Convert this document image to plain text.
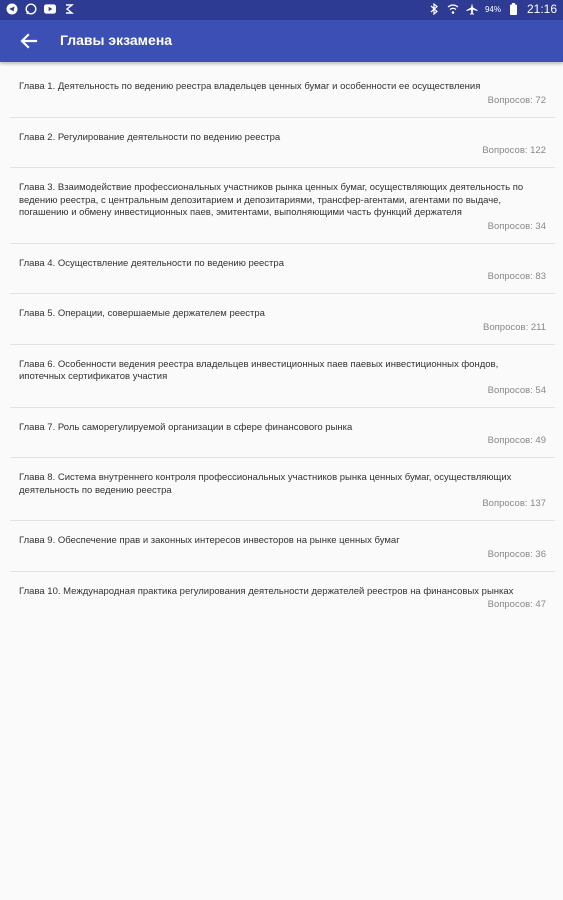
94% 21:16
Главы экзамена
Глава 1. Деятельность по ведению реестра владельцев ценных бумаг и особенности ее осуществления
Вопросов: 72
Глава 2. Регулирование деятельности по ведению реестра
Вопросов: 122
Глава 3. Взаимодействие профессиональных участников рынка ценных бумаг, осуществляющих деятельность по ведению реестра, с центральным депозитарием и депозитариями, трансфер-агентами, агентами по выдаче, погашению и обмену инвестиционных паев, эмитентами, выполняющими часть функций держателя
Вопросов: 34
Глава 4. Осуществление деятельности по ведению реестра
Вопросов: 83
Глава 5. Операции, совершаемые держателем реестра
Вопросов: 211
Глава 6. Особенности ведения реестра владельцев инвестиционных паев паевых инвестиционных фондов, ипотечных сертификатов участия
Вопросов: 54
Глава 7. Роль саморегулируемой организации в сфере финансового рынка
Вопросов: 49
Глава 8. Система внутреннего контроля профессиональных участников рынка ценных бумаг, осуществляющих деятельность по ведению реестра
Вопросов: 137
Глава 9. Обеспечение прав и законных интересов инвесторов на рынке ценных бумаг
Вопросов: 36
Глава 10. Международная практика регулирования деятельности держателей реестров на финансовых рынках
Вопросов: 47
